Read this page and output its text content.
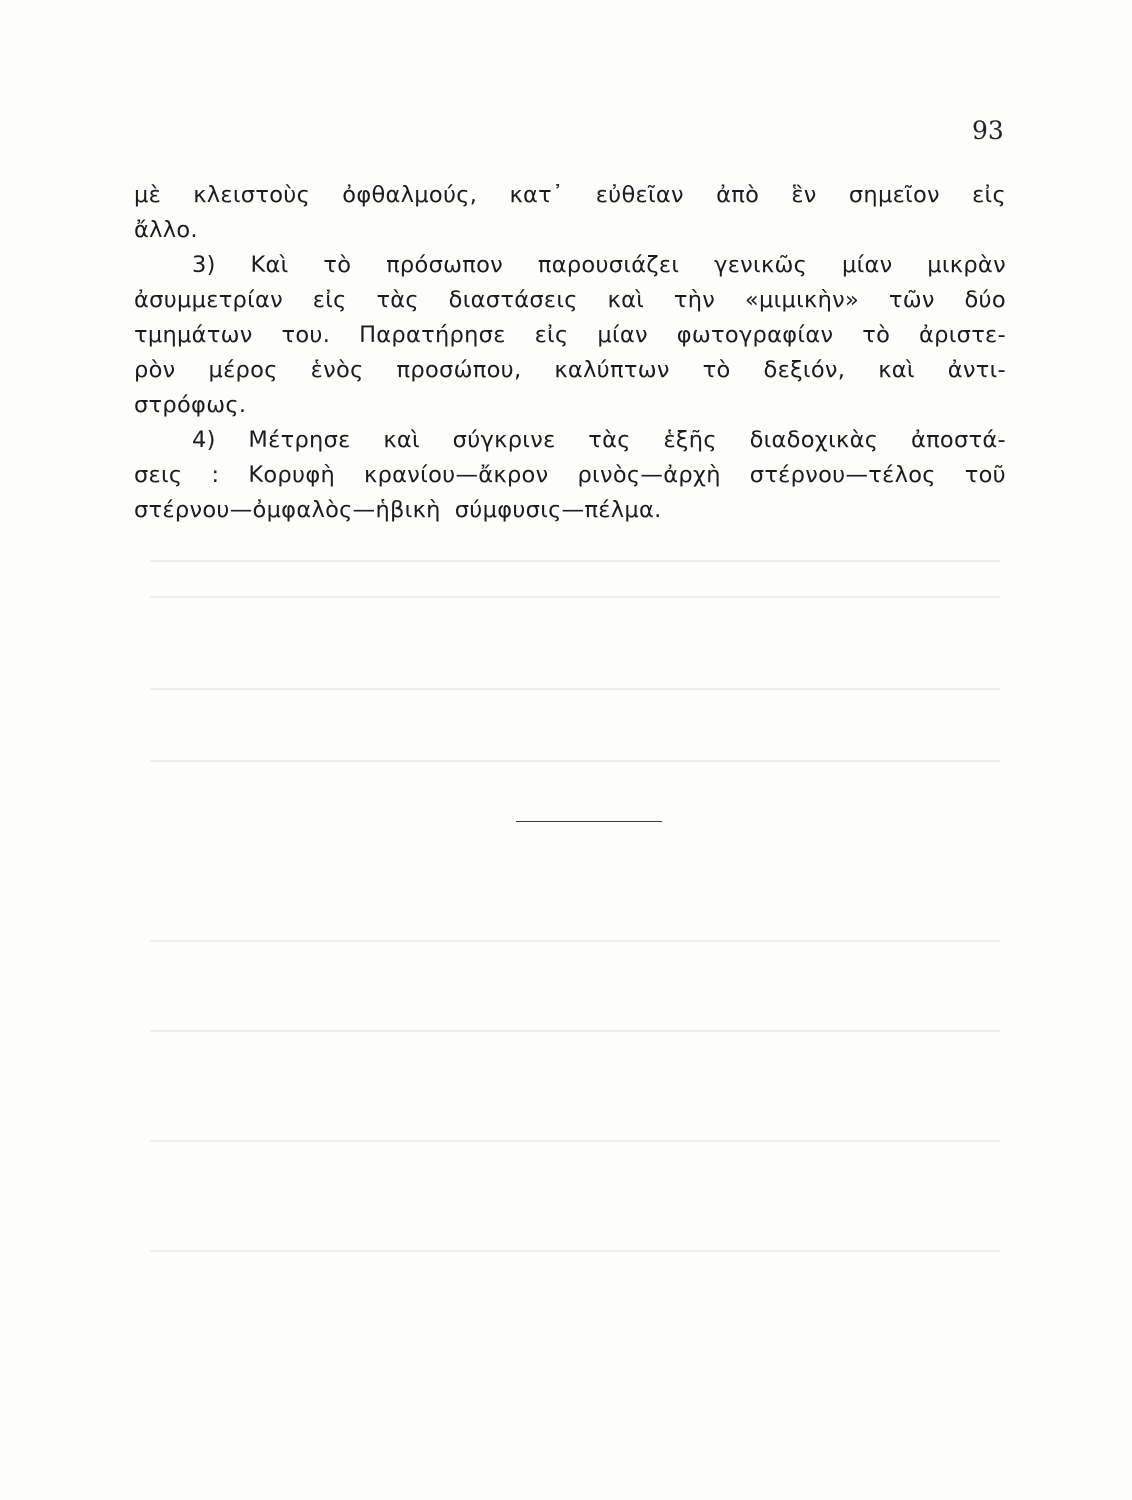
93
μὲ κλειστοὺς ὀφθαλμούς, κατ᾽ εὐθεῖαν ἀπὸ ἓν σημεῖον εἰς
ἄλλο.
3) Καὶ τὸ πρόσωπον παρουσιάζει γενικῶς μίαν μικρὰν
ἀσυμμετρίαν εἰς τὰς διαστάσεις καὶ τὴν «μιμικὴν» τῶν δύο
τμημάτων του. Παρατήρησε εἰς μίαν φωτογραφίαν τὸ ἀριστε-
ρὸν μέρος ἑνὸς προσώπου, καλύπτων τὸ δεξιόν, καὶ ἀντι-
στρόφως.
4) Μέτρησε καὶ σύγκρινε τὰς ἑξῆς διαδοχικὰς ἀποστά-
σεις : Κορυφὴ κρανίου—ἄκρον ρινὸς—ἀρχὴ στέρνου—τέλος τοῦ
στέρνου—ὀμφαλὸς—ἡβικὴ σύμφυσις—πέλμα.
